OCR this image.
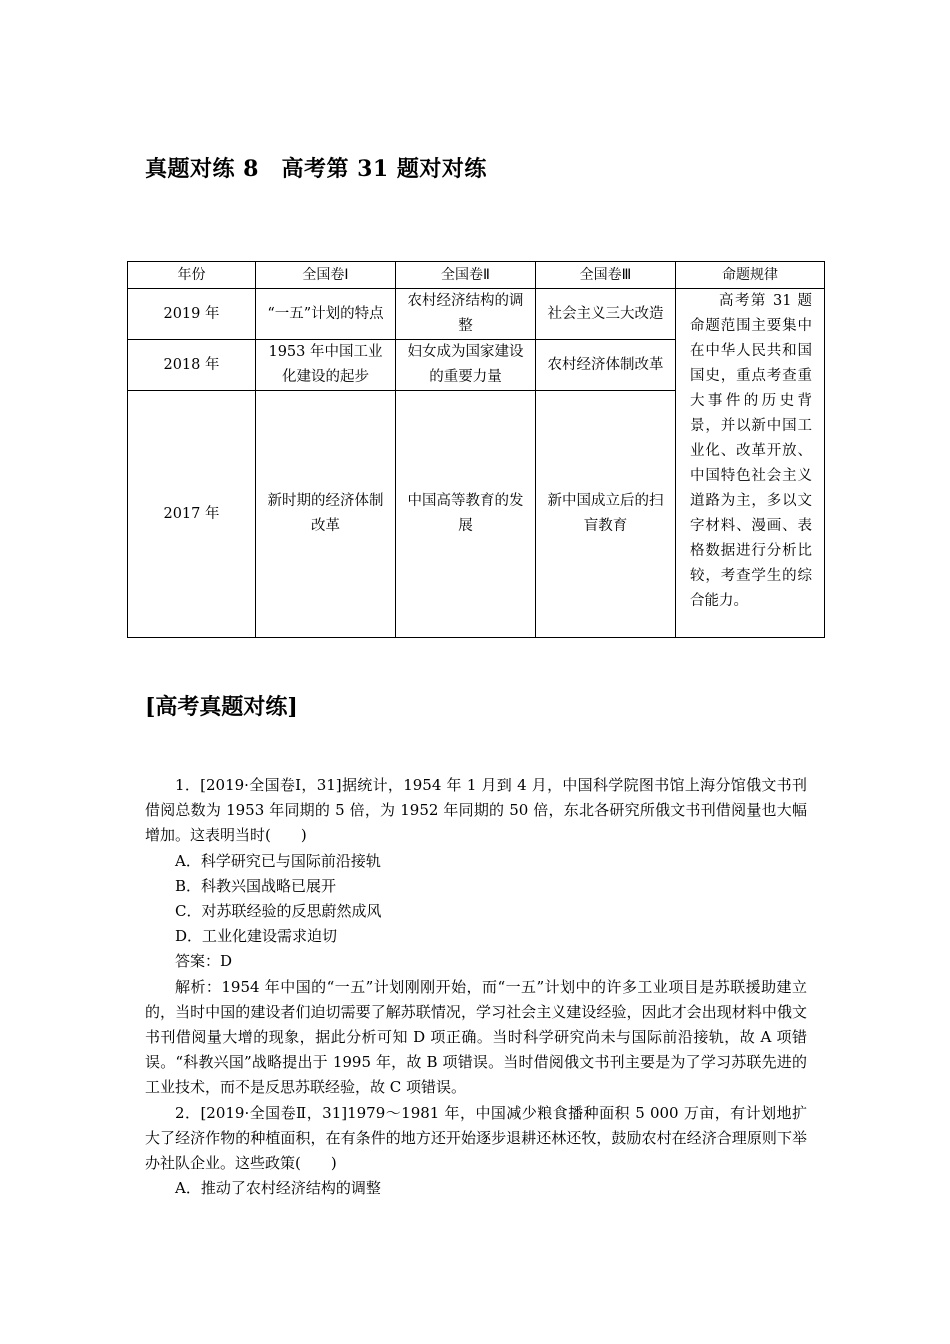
真题对练 8　高考第 31 题对对练
年份	全国卷Ⅰ	全国卷Ⅱ	全国卷Ⅲ	命题规律
2019 年	“一五”计划的特点	农村经济结构的调整	社会主义三大改造	高考第 31 题命题范围主要集中在中华人民共和国国史，重点考查重大事件的历史背景，并以新中国工业化、改革开放、中国特色社会主义道路为主，多以文字材料、漫画、表格数据进行分析比较，考查学生的综合能力。
2018 年	1953 年中国工业化建设的起步	妇女成为国家建设的重要力量	农村经济体制改革	
2017 年	新时期的经济体制改革	中国高等教育的发展	新中国成立后的扫盲教育	
[高考真题对练]

1．[2019·全国卷Ⅰ，31]据统计，1954 年 1 月到 4 月，中国科学院图书馆上海分馆俄文书刊借阅总数为 1953 年同期的 5 倍，为 1952 年同期的 50 倍，东北各研究所俄文书刊借阅量也大幅增加。这表明当时(　　)

A．科学研究已与国际前沿接轨

B．科教兴国战略已展开

C．对苏联经验的反思蔚然成风

D．工业化建设需求迫切

答案：D

解析：1954 年中国的“一五”计划刚刚开始，而“一五”计划中的许多工业项目是苏联援助建立的，当时中国的建设者们迫切需要了解苏联情况，学习社会主义建设经验，因此才会出现材料中俄文书刊借阅量大增的现象，据此分析可知 D 项正确。当时科学研究尚未与国际前沿接轨，故 A 项错误。“科教兴国”战略提出于 1995 年，故 B 项错误。当时借阅俄文书刊主要是为了学习苏联先进的工业技术，而不是反思苏联经验，故 C 项错误。

2．[2019·全国卷Ⅱ，31]1979～1981 年，中国减少粮食播种面积 5 000 万亩，有计划地扩大了经济作物的种植面积，在有条件的地方还开始逐步退耕还林还牧，鼓励农村在经济合理原则下举办社队企业。这些政策(　　)

A．推动了农村经济结构的调整
